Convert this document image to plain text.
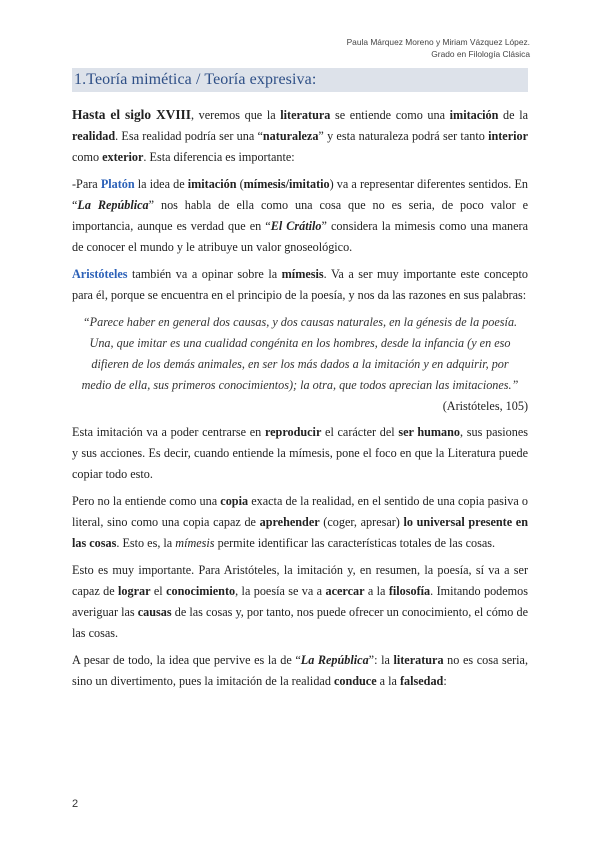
Paula Márquez Moreno y Miriam Vázquez López.
Grado en Filología Clásica
1.Teoría mimética / Teoría expresiva:

Hasta el siglo XVIII, veremos que la literatura se entiende como una imitación de la realidad. Esa realidad podría ser una “naturaleza” y esta naturaleza podrá ser tanto interior como exterior. Esta diferencia es importante:

-Para Platón la idea de imitación (mímesis/imitatio) va a representar diferentes sentidos. En “La República” nos habla de ella como una cosa que no es seria, de poco valor e importancia, aunque es verdad que en “El Crátilo” considera la mimesis como una manera de conocer el mundo y le atribuye un valor gnoseológico.

Aristóteles también va a opinar sobre la mímesis. Va a ser muy importante este concepto para él, porque se encuentra en el principio de la poesía, y nos da las razones en sus palabras:

“Parece haber en general dos causas, y dos causas naturales, en la génesis de la poesía. Una, que imitar es una cualidad congénita en los hombres, desde la infancia (y en eso difieren de los demás animales, en ser los más dados a la imitación y en adquirir, por medio de ella, sus primeros conocimientos); la otra, que todos aprecian las imitaciones.”

(Aristóteles, 105)

Esta imitación va a poder centrarse en reproducir el carácter del ser humano, sus pasiones y sus acciones. Es decir, cuando entiende la mímesis, pone el foco en que la Literatura puede copiar todo esto.

Pero no la entiende como una copia exacta de la realidad, en el sentido de una copia pasiva o literal, sino como una copia capaz de aprehender (coger, apresar) lo universal presente en las cosas. Esto es, la mímesis permite identificar las características totales de las cosas.

Esto es muy importante. Para Aristóteles, la imitación y, en resumen, la poesía, sí va a ser capaz de lograr el conocimiento, la poesía se va a acercar a la filosofía. Imitando podemos averiguar las causas de las cosas y, por tanto, nos puede ofrecer un conocimiento, el cómo de las cosas.

A pesar de todo, la idea que pervive es la de “La República”: la literatura no es cosa seria, sino un divertimento, pues la imitación de la realidad conduce a la falsedad:

2
